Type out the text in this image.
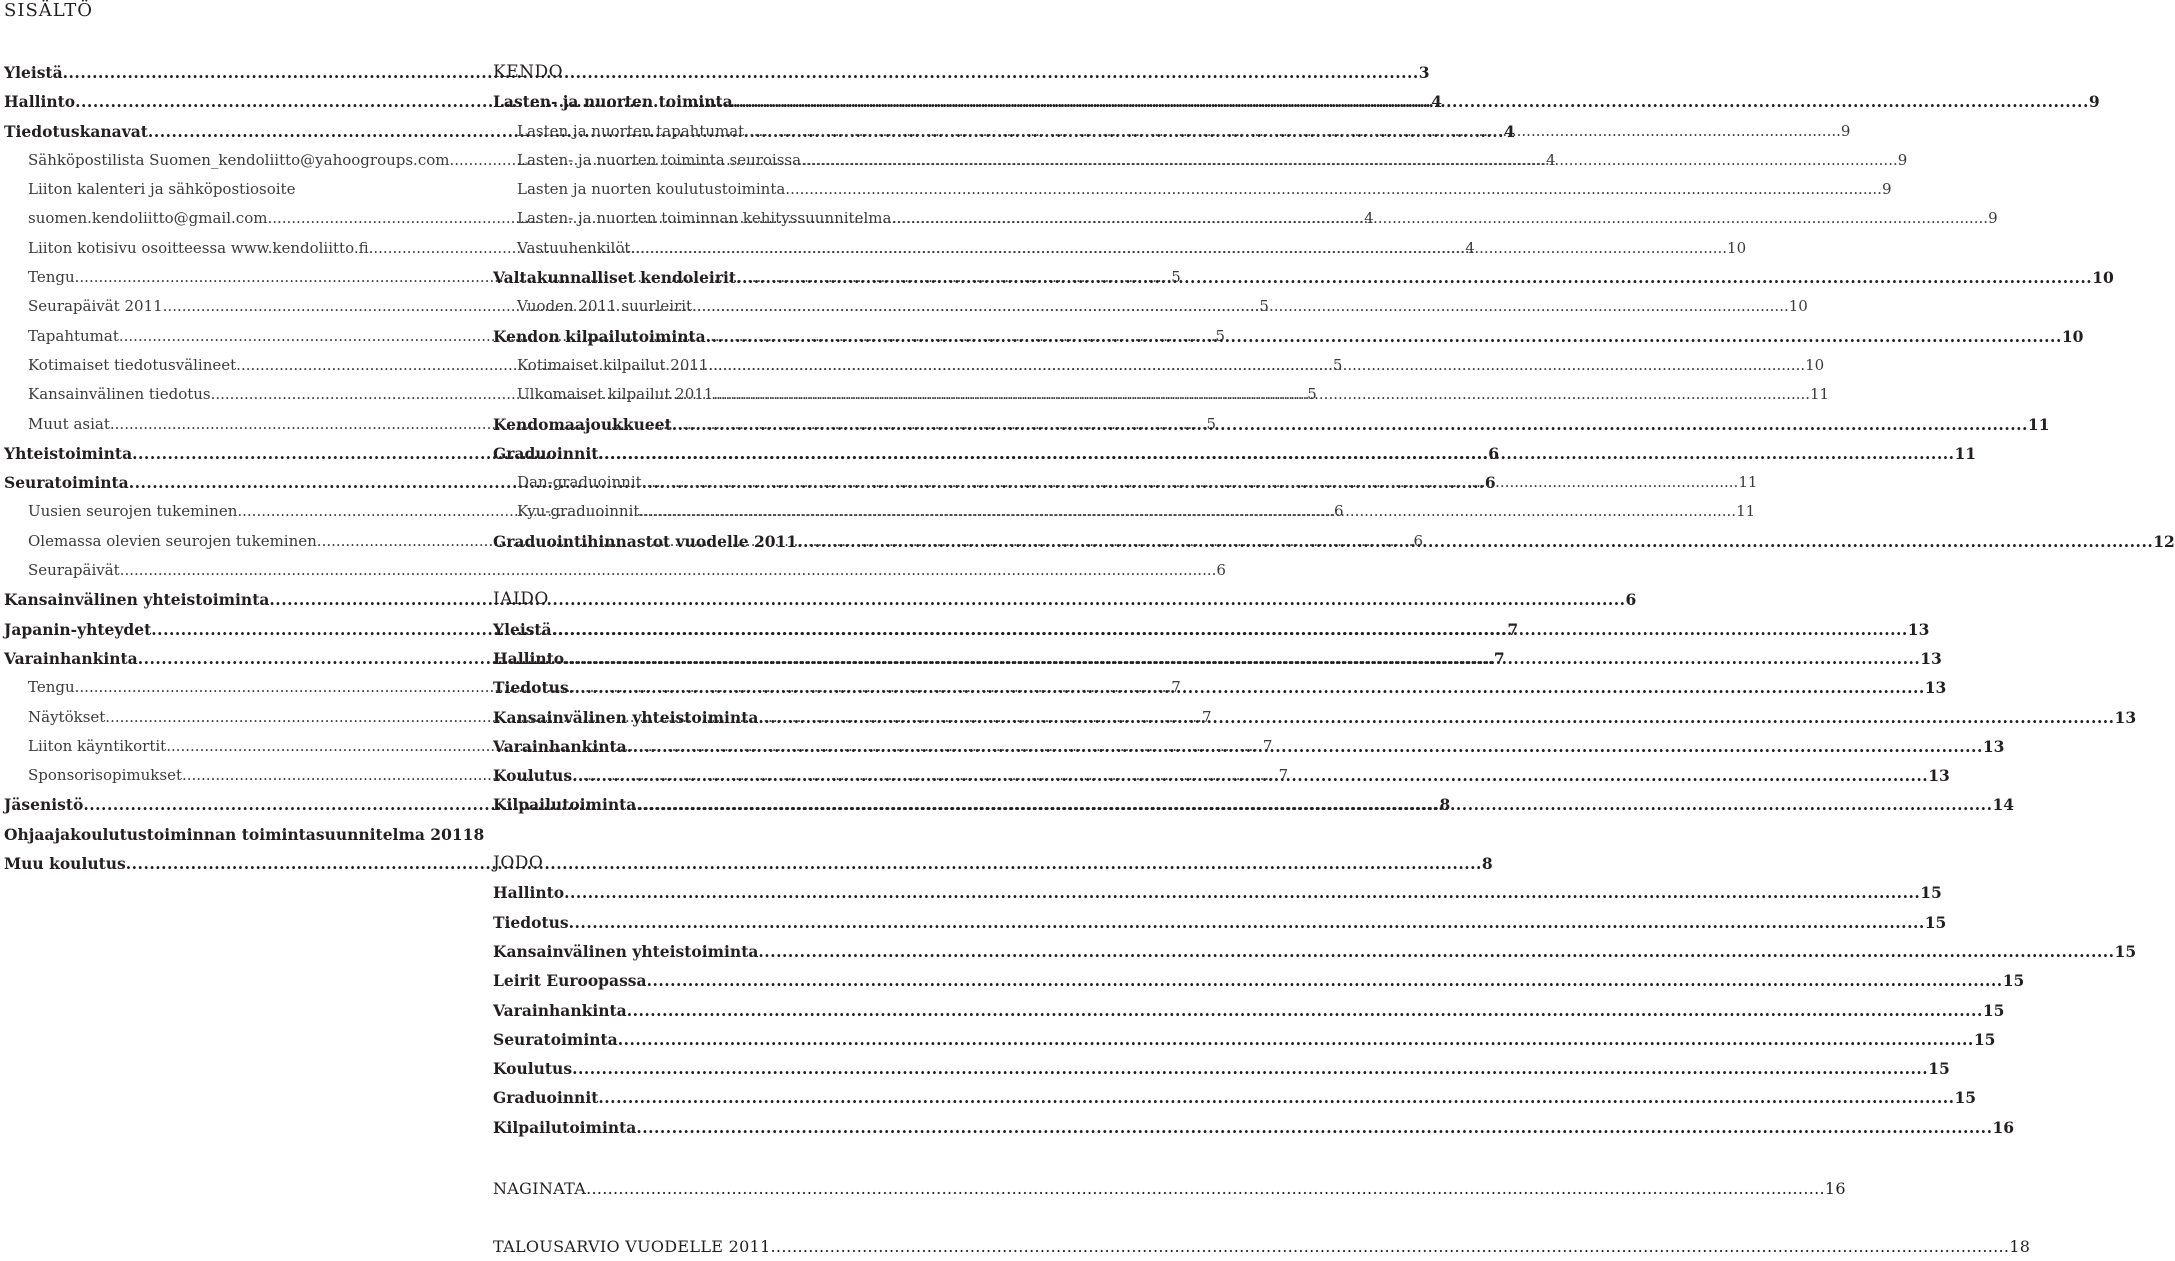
SISÄLTÖ
Yleistä .....	3
Hallinto .....	4
Tiedotuskanavat .....	4
Sähköpostilista Suomen_kendoliitto@yahoogroups.com .....	4
Liiton kalenteri ja sähköpostiosoite
suomen.kendoliitto@gmail.com .....	4
Liiton kotisivu osoitteessa www.kendoliitto.fi .....	4
Tengu .....	5
Seurapäivät 2011 .....	5
Tapahtumat .....	5
Kotimaiset tiedotusvälineet .....	5
Kansainvälinen tiedotus .....	5
Muut asiat .....	5
Yhteistoiminta .....	6
Seuratoiminta .....	6
Uusien seurojen tukeminen .....	6
Olemassa olevien seurojen tukeminen .....	6
Seurapäivät .....	6
Kansainvälinen yhteistoiminta .....	6
Japanin-yhteydet .....	7
Varainhankinta .....	7
Tengu .....	7
Näytökset .....	7
Liiton käyntikortit .....	7
Sponsorisopimukset .....	7
Jäsenistö .....	8
Ohjaajakoulutustoiminnan toimintasuunnitelma 2011 8
Muu koulutus .....	8
KENDO
Lasten- ja nuorten toiminta .....	9
Lasten ja nuorten tapahtumat .....	9
Lasten- ja nuorten toiminta seuroissa .....	9
Lasten ja nuorten koulutustoiminta .....	9
Lasten- ja nuorten toiminnan kehityssuunnitelma .....	9
Vastuuhenkilöt .....	10
Valtakunnalliset kendoleirit .....	10
Vuoden 2011 suurleirit .....	10
Kendon kilpailutoiminta .....	10
Kotimaiset kilpailut 2011 .....	10
Ulkomaiset kilpailut 2011 .....	11
Kendomaajoukkueet .....	11
Graduoinnit .....	11
Dan-graduoinnit .....	11
Kyu-graduoinnit .....	11
Graduointihinnastot vuodelle 2011 .....	12
IAIDO
Yleistä .....	13
Hallinto .....	13
Tiedotus .....	13
Kansainvälinen yhteistoiminta .....	13
Varainhankinta .....	13
Koulutus .....	13
Kilpailutoiminta .....	14
JODO
Hallinto .....	15
Tiedotus .....	15
Kansainvälinen yhteistoiminta .....	15
Leirit Euroopassa .....	15
Varainhankinta .....	15
Seuratoiminta .....	15
Koulutus .....	15
Graduoinnit .....	15
Kilpailutoiminta .....	16
NAGINATA .....	16
TALOUSARVIO VUODELLE 2011 .....	18
